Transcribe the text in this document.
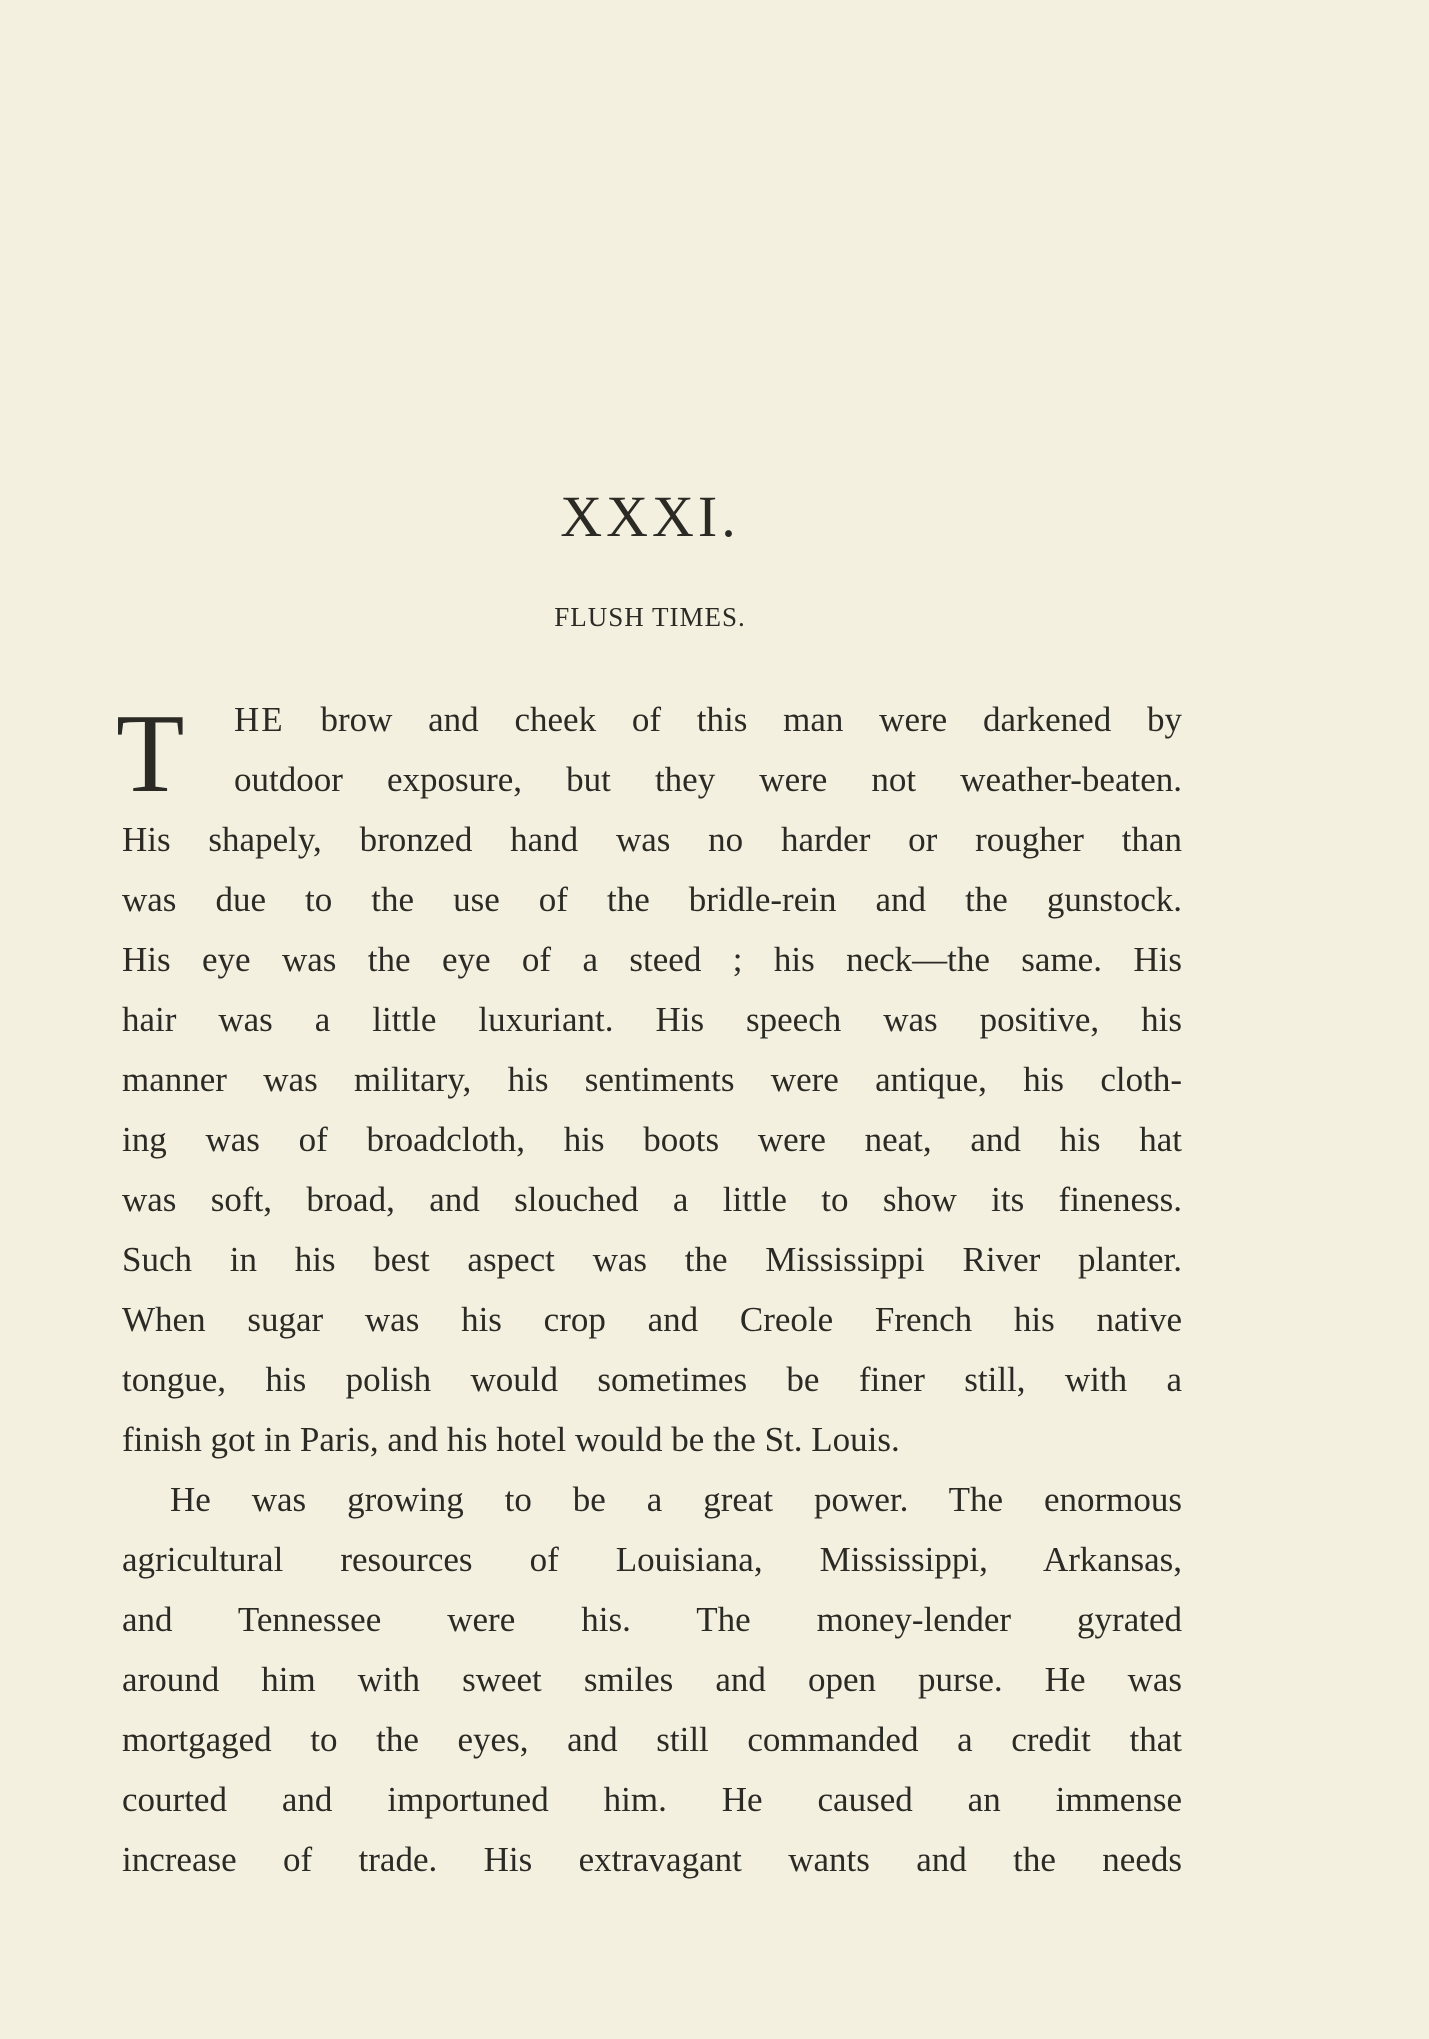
XXXI.
FLUSH TIMES.
T	HE brow and cheek of this man were darkened by
outdoor exposure, but they were not weather-beaten.
His shapely, bronzed hand was no harder or rougher than
was due to the use of the bridle-rein and the gunstock.
His eye was the eye of a steed ; his neck—the same. His
hair was a little luxuriant. His speech was positive, his
manner was military, his sentiments were antique, his cloth-
ing was of broadcloth, his boots were neat, and his hat
was soft, broad, and slouched a little to show its fineness.
Such in his best aspect was the Mississippi River planter.
When sugar was his crop and Creole French his native
tongue, his polish would sometimes be finer still, with a
finish got in Paris, and his hotel would be the St. Louis.
He was growing to be a great power. The enormous
agricultural resources of Louisiana, Mississippi, Arkansas,
and Tennessee were his. The money-lender gyrated
around him with sweet smiles and open purse. He was
mortgaged to the eyes, and still commanded a credit that
courted and importuned him. He caused an immense
increase of trade. His extravagant wants and the needs
